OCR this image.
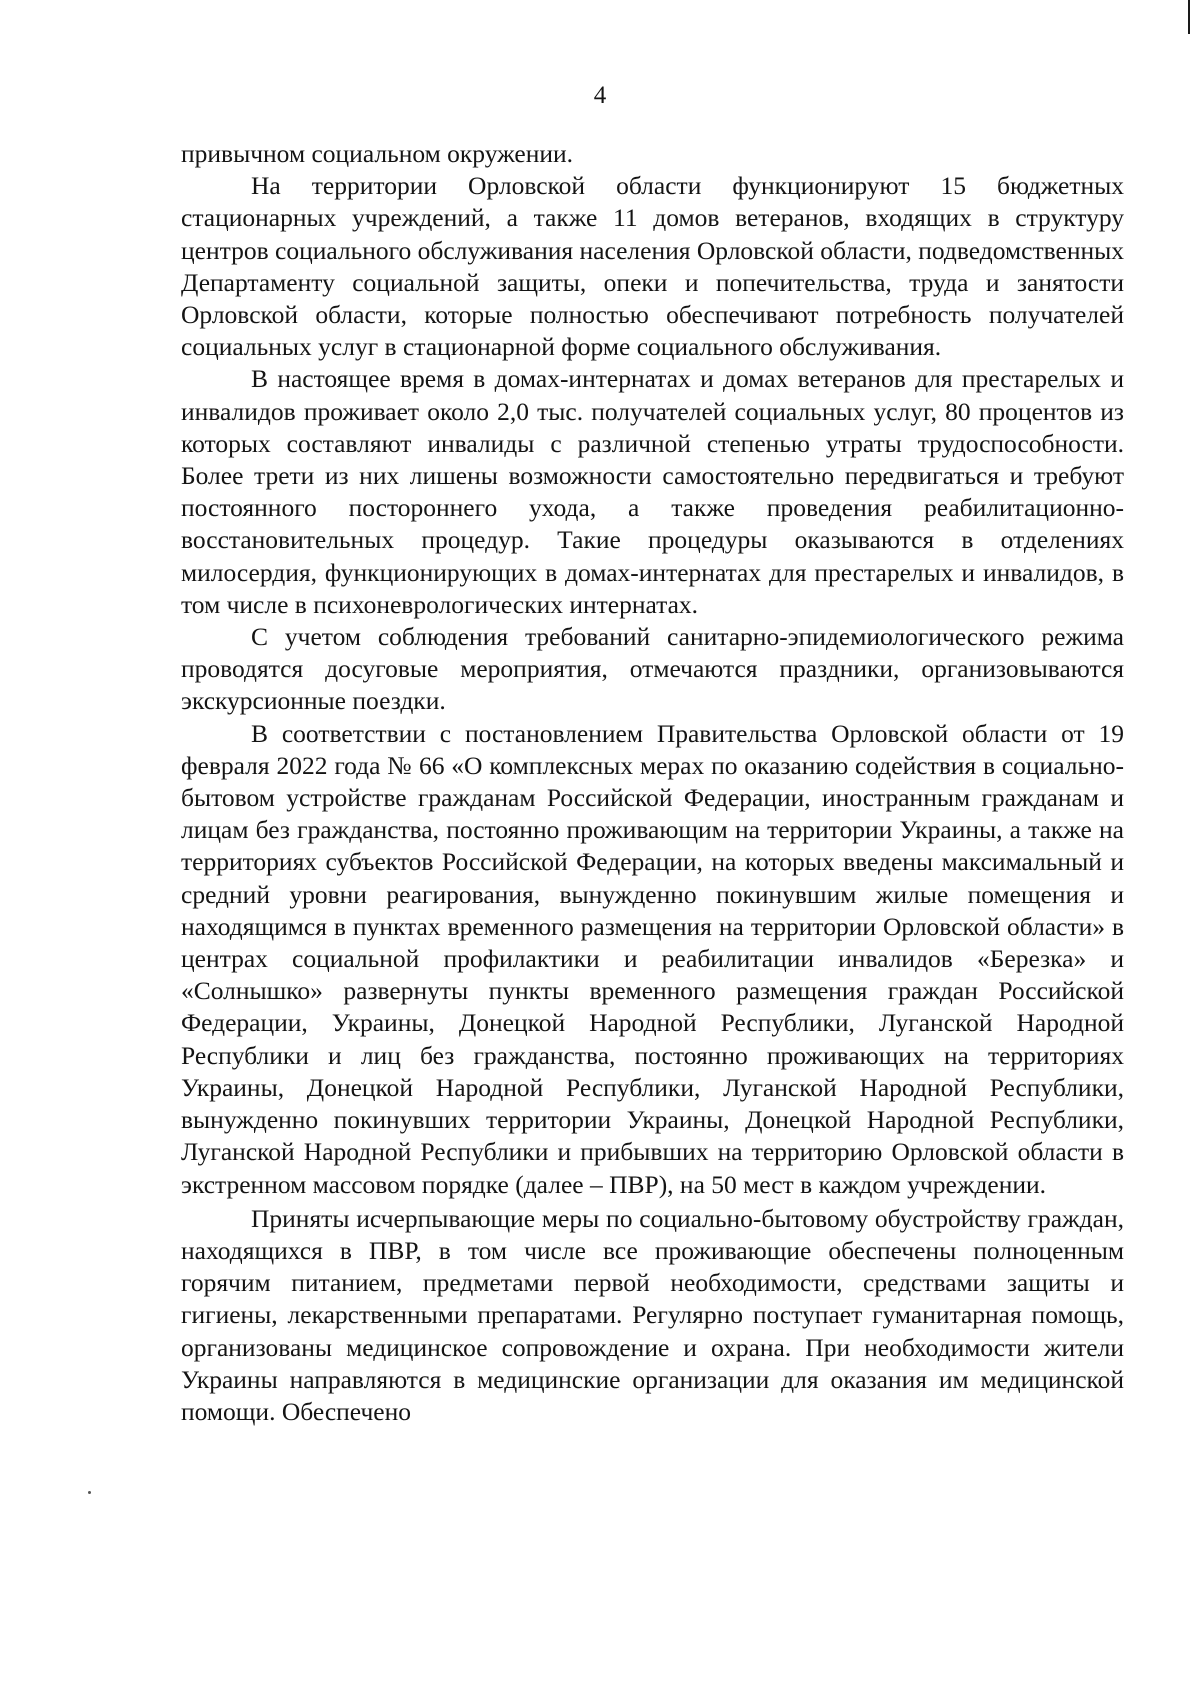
4

привычном социальном окружении.

На территории Орловской области функционируют 15 бюджетных стационарных учреждений, а также 11 домов ветеранов, входящих в структуру центров социального обслуживания населения Орловской области, подведомственных Департаменту социальной защиты, опеки и попечительства, труда и занятости Орловской области, которые полностью обеспечивают потребность получателей социальных услуг в стационарной форме социального обслуживания.

В настоящее время в домах-интернатах и домах ветеранов для престарелых и инвалидов проживает около 2,0 тыс. получателей социальных услуг, 80 процентов из которых составляют инвалиды с различной степенью утраты трудоспособности. Более трети из них лишены возможности самостоятельно передвигаться и требуют постоянного постороннего ухода, а также проведения реабилитационно-восстановительных процедур. Такие процедуры оказываются в отделениях милосердия, функционирующих в домах-интернатах для престарелых и инвалидов, в том числе в психоневрологических интернатах.

С учетом соблюдения требований санитарно-эпидемиологического режима проводятся досуговые мероприятия, отмечаются праздники, организовываются экскурсионные поездки.

В соответствии с постановлением Правительства Орловской области от 19 февраля 2022 года № 66 «О комплексных мерах по оказанию содействия в социально-бытовом устройстве гражданам Российской Федерации, иностранным гражданам и лицам без гражданства, постоянно проживающим на территории Украины, а также на территориях субъектов Российской Федерации, на которых введены максимальный и средний уровни реагирования, вынужденно покинувшим жилые помещения и находящимся в пунктах временного размещения на территории Орловской области» в центрах социальной профилактики и реабилитации инвалидов «Березка» и «Солнышко» развернуты пункты временного размещения граждан Российской Федерации, Украины, Донецкой Народной Республики, Луганской Народной Республики и лиц без гражданства, постоянно проживающих на территориях Украины, Донецкой Народной Республики, Луганской Народной Республики, вынужденно покинувших территории Украины, Донецкой Народной Республики, Луганской Народной Республики и прибывших на территорию Орловской области в экстренном массовом порядке (далее – ПВР), на 50 мест в каждом учреждении.

Приняты исчерпывающие меры по социально-бытовому обустройству граждан, находящихся в ПВР, в том числе все проживающие обеспечены полноценным горячим питанием, предметами первой необходимости, средствами защиты и гигиены, лекарственными препаратами. Регулярно поступает гуманитарная помощь, организованы медицинское сопровождение и охрана. При необходимости жители Украины направляются в медицинские организации для оказания им медицинской помощи. Обеспечено
